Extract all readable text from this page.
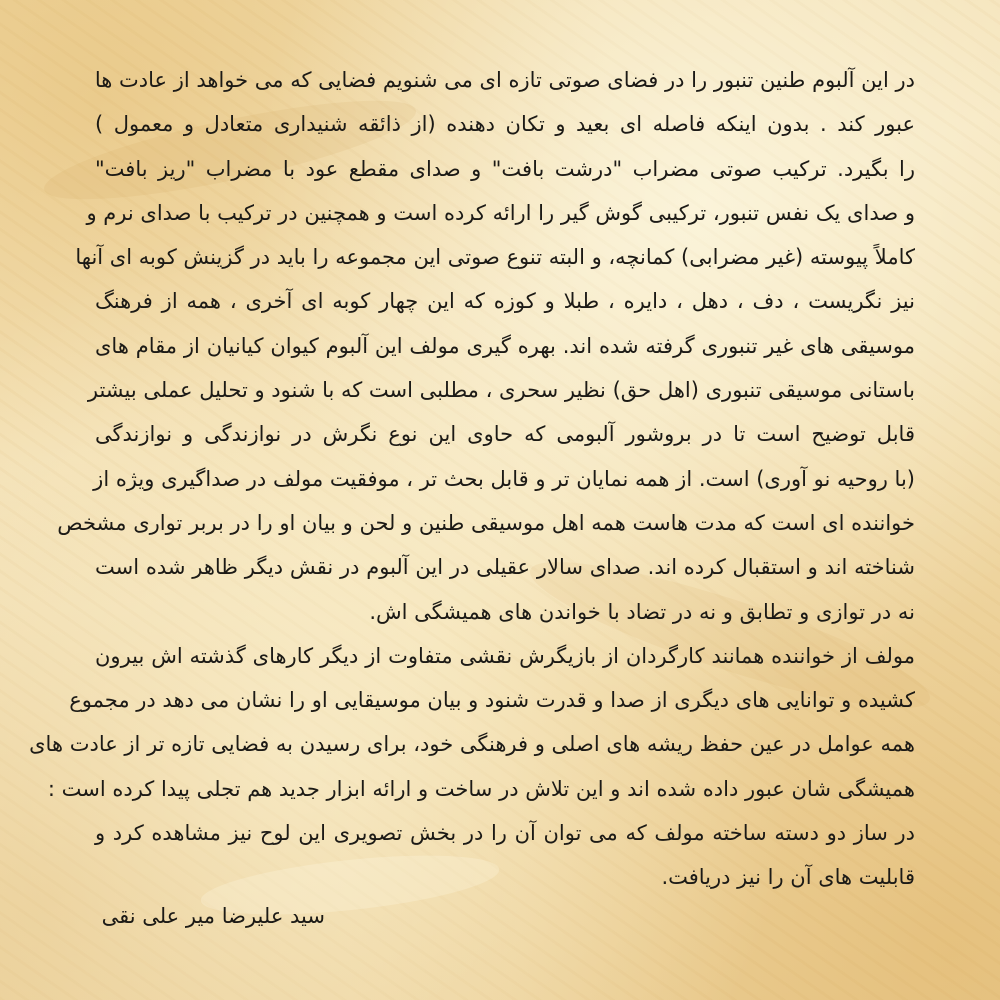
در این آلبوم طنین تنبور را در فضای صوتی تازه ای می شنویم فضایی که می خواهد از عادت ها
عبور کند . بدون اینکه فاصله ای بعید و تکان دهنده (از ذائقه شنیداری متعادل و معمول )
را بگیرد. ترکیب صوتی مضراب "درشت بافت" و صدای مقطع عود با مضراب "ریز بافت"
و صدای یک نفس تنبور، ترکیبی گوش گیر را ارائه کرده است و همچنین در ترکیب با صدای نرم و
کاملاً پیوسته (غیر مضرابی) کمانچه، و البته تنوع صوتی این مجموعه را باید در گزینش کوبه ای آنها
نیز نگریست ، دف ، دهل ، دایره ، طبلا و کوزه که این چهار کوبه ای آخری ، همه از فرهنگ
موسیقی های غیر تنبوری گرفته شده اند. بهره گیری مولف این آلبوم کیوان کیانیان از مقام های
باستانی موسیقی تنبوری (اهل حق) نظیر سحری ، مطلبی است که با شنود و تحلیل عملی بیشتر
قابل توضیح است تا در بروشور آلبومی که حاوی این نوع نگرش در نوازندگی و نوازندگی
(با روحیه نو آوری) است. از همه نمایان تر و قابل بحث تر ، موفقیت مولف در صداگیری ویژه از
خواننده ای است که مدت هاست همه اهل موسیقی طنین و لحن و بیان او را در بربر تواری مشخص
شناخته اند و استقبال کرده اند. صدای سالار عقیلی در این آلبوم در نقش دیگر ظاهر شده است
نه در توازی و تطابق و نه در تضاد با خواندن های همیشگی اش.
مولف از خواننده همانند کارگردان از بازیگرش نقشی متفاوت از دیگر کارهای گذشته اش بیرون
کشیده و توانایی های دیگری از صدا و قدرت شنود و بیان موسیقایی او را نشان می دهد در مجموع
همه عوامل در عین حفظ ریشه های اصلی و فرهنگی خود، برای رسیدن به فضایی تازه تر از عادت های
همیشگی شان عبور داده شده اند و این تلاش در ساخت و ارائه ابزار جدید هم تجلی پیدا کرده است :
در ساز دو دسته ساخته مولف که می توان آن را در بخش تصویری این لوح نیز مشاهده کرد و
قابلیت های آن را نیز دریافت.
سید علیرضا میر علی نقی
